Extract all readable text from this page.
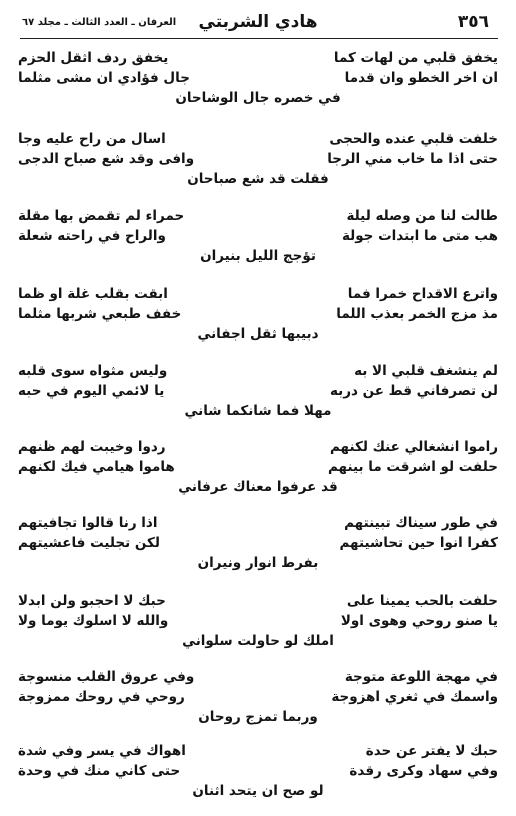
٣٥٦
هادي الشربتي
العرفان ـ العدد الثالث ـ مجلد ٦٧
يخفق قلبي من لهات كما
يخفق ردف اثقل الحزم
ان اخر الخطو وان قدما
جال فؤادي ان مشى مثلما
في خصره جال الوشاحان
خلفت قلبي عنده والحجى
اسال من راح عليه وجا
حتى اذا ما خاب مني الرجا
وافى وقد شع صباح الدجى
فقلت قد شع صباحان
طالت لنا من وصله ليلة
حمراء لم تقمض بها مقلة
هب متى ما ابتدات جولة
والراح في راحته شعلة
تؤجج الليل بنيران
واترع الاقداح خمرا فما
ابقت بقلب غلة او ظما
مذ مزج الخمر بعذب اللما
خفف طبعي شربها مثلما
دبيبها ثقل اجفاني
لم ينشغف قلبي الا به
وليس مثواه سوى قلبه
لن تصرفاني قط عن دربه
يا لائمي اليوم في حبه
مهلا فما شانكما شاني
راموا انشغالي عنك لكنهم
ردوا وخيبت لهم ظنهم
حلفت لو اشرقت ما بينهم
هاموا هيامي فيك لكنهم
قد عرفوا معناك عرفاني
في طور سيناك تبينتهم
اذا رنا قالوا تجافيتهم
كفرا انوا حين تحاشيتهم
لكن تجليت فاعشيتهم
بفرط انوار ونيران
حلفت بالحب يمينا على
حبك لا احجبو ولن ابدلا
يا صنو روحي وهوى اولا
والله لا اسلوك يوما ولا
املك لو حاولت سلواني
في مهجة اللوعة متوجة
وفي عروق القلب منسوجة
واسمك في ثغري اهزوجة
روحي في روحك ممزوجة
وربما تمزج روحان
حبك لا يفتر عن حدة
اهواك في يسر وفي شدة
وفي سهاد وكرى رقدة
حتى كاني منك في وحدة
لو صح ان يتحد اثنان
